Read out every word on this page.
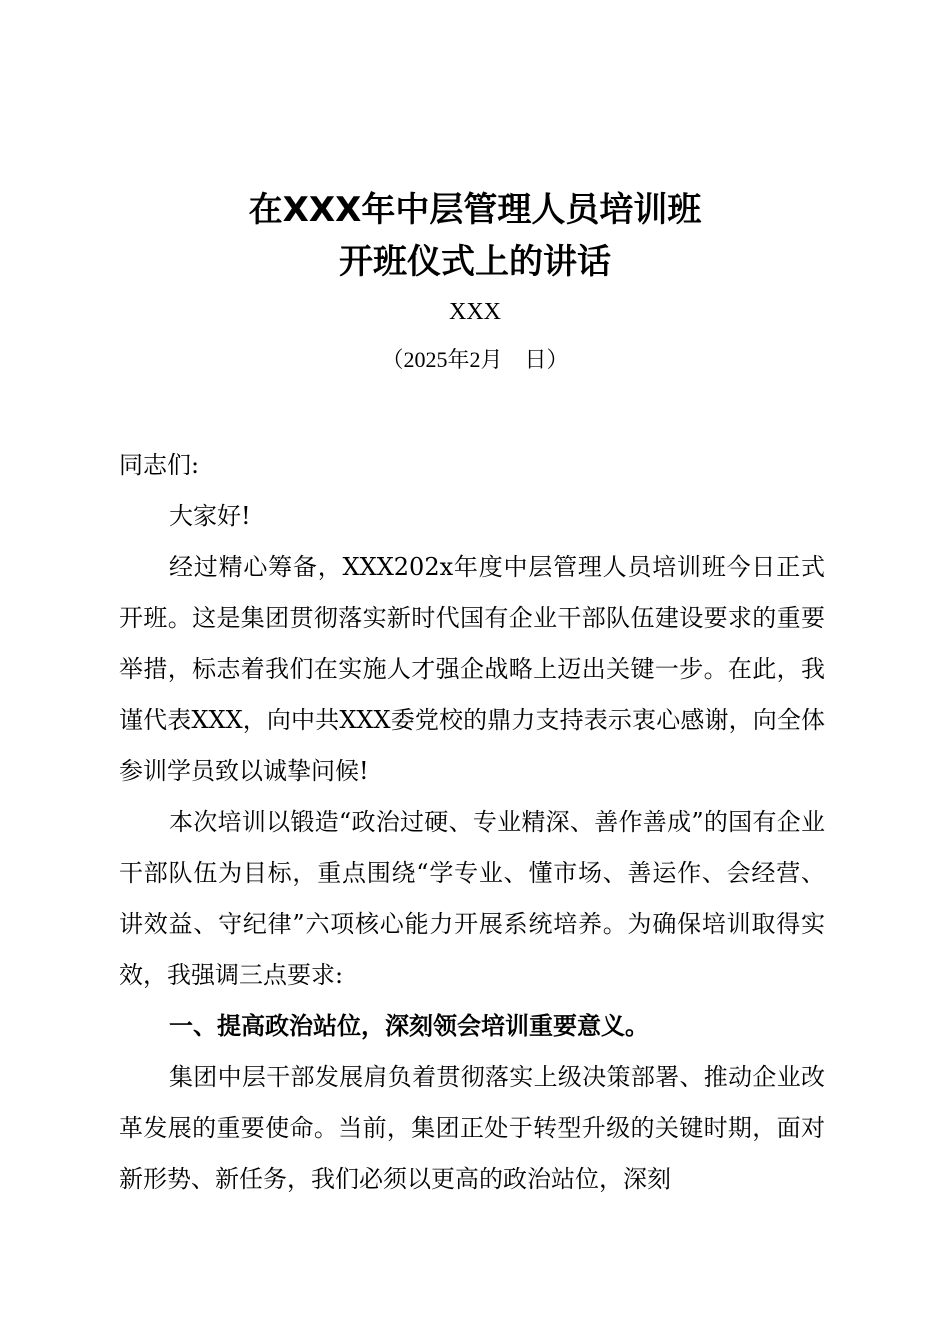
在XXX年中层管理人员培训班
开班仪式上的讲话
XXX
（2025年2月    日）

同志们:

大家好!

经过精心筹备，XXX202x年度中层管理人员培训班今日正式开班。这是集团贯彻落实新时代国有企业干部队伍建设要求的重要举措，标志着我们在实施人才强企战略上迈出关键一步。在此，我谨代表XXX，向中共XXX委党校的鼎力支持表示衷心感谢，向全体参训学员致以诚挚问候!

本次培训以锻造“政治过硬、专业精深、善作善成”的国有企业干部队伍为目标，重点围绕“学专业、懂市场、善运作、会经营、讲效益、守纪律”六项核心能力开展系统培养。为确保培训取得实效，我强调三点要求:

一、提高政治站位，深刻领会培训重要意义。

集团中层干部发展肩负着贯彻落实上级决策部署、推动企业改革发展的重要使命。当前，集团正处于转型升级的关键时期，面对新形势、新任务，我们必须以更高的政治站位，深刻
